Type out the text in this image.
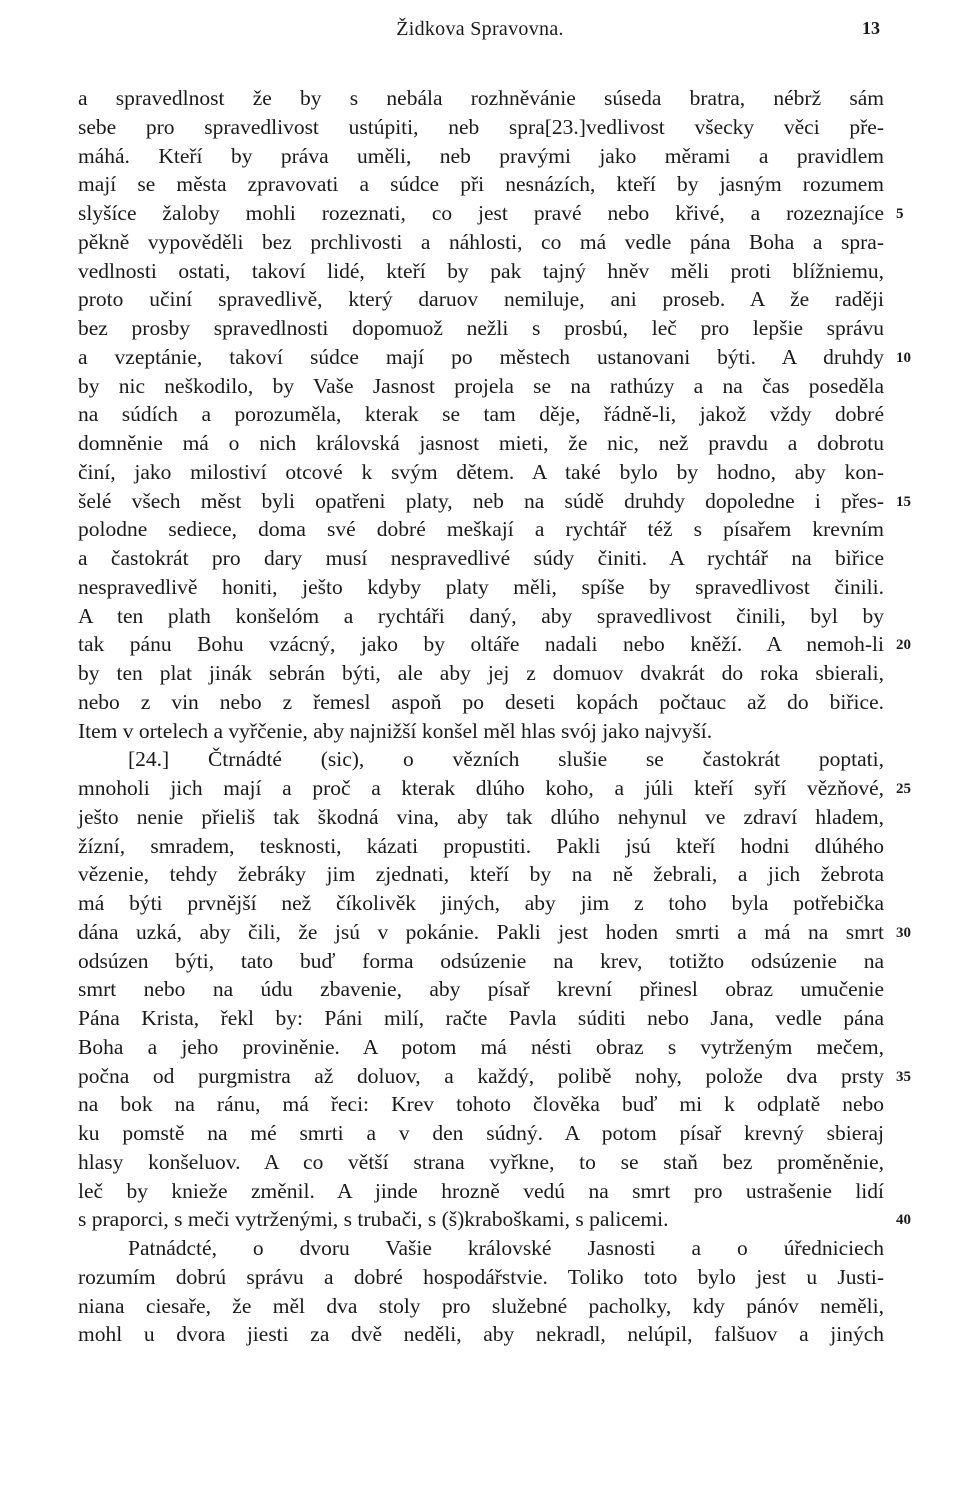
Židkova Spravovna.	13
a spravedlnost že by s nebála rozhněvánie súseda bratra, nébrž sám
sebe pro spravedlivost ustúpiti, neb spra[23.]vedlivost všecky věci pře-
máhá. Kteří by práva uměli, neb pravými jako měrami a pravidlem
mají se města zpravovati a súdce při nesnázích, kteří by jasným rozumem
slyšíce žaloby mohli rozeznati, co jest pravé nebo křivé, a rozeznajíce 5
pěkně vypověděli bez prchlivosti a náhlosti, co má vedle pána Boha a spra-
vedlnosti ostati, takoví lidé, kteří by pak tajný hněv měli proti blížniemu,
proto učiní spravedlivě, který daruov nemiluje, ani proseb. A že raději
bez prosby spravedlnosti dopomuož nežli s prosbú, leč pro lepšie správu
a vzeptánie, takoví súdce mají po městech ustanovani býti. A druhdy 10
by nic neškodilo, by Vaše Jasnost projela se na rathúzy a na čas poseděla
na súdích a porozuměla, kterak se tam děje, řádně-li, jakož vždy dobré
domněnie má o nich královská jasnost mieti, že nic, než pravdu a dobrotu
činí, jako milostiví otcové k svým dětem. A také bylo by hodno, aby kon-
šelé všech měst byli opatřeni platy, neb na súdě druhdy dopoledne i přes- 15
polodne sediece, doma své dobré meškají a rychtář též s písařem krevním
a častokrát pro dary musí nespravedlivé súdy činiti. A rychtář na biřice
nespravedlivě honiti, ješto kdyby platy měli, spíše by spravedlivost činili.
A ten plath konšelóm a rychtáři daný, aby spravedlivost činili, byl by
tak pánu Bohu vzácný, jako by oltáře nadali nebo kněží. A nemoh-li 20
by ten plat jinák sebrán býti, ale aby jej z domuov dvakrát do roka sbierali,
nebo z vin nebo z řemesl aspoň po deseti kopách počtauc až do biřice.
Item v ortelech a vyřčenie, aby najnižší konšel měl hlas svój jako najvyší.
[24.] Čtrnádté (sic), o vězních slušie se častokrát poptati,
mnoholi jich mají a proč a kterak dlúho koho, a júli kteří syří vězňové, 25
ješto nenie přieliš tak škodná vina, aby tak dlúho nehynul ve zdraví hladem,
žízní, smradem, tesknosti, kázati propustiti. Pakli jsú kteří hodni dlúhého
vězenie, tehdy žebráky jim zjednati, kteří by na ně žebrali, a jich žebrota
má býti prvnější než číkolivěk jiných, aby jim z toho byla potřebička
dána uzká, aby čili, že jsú v pokánie. Pakli jest hoden smrti a má na smrt 30
odsúzen býti, tato buď forma odsúzenie na krev, totižto odsúzenie na
smrt nebo na údu zbavenie, aby písař krevní přinesl obraz umučenie
Pána Krista, řekl by: Páni milí, račte Pavla súditi nebo Jana, vedle pána
Boha a jeho proviněnie. A potom má nésti obraz s vytrženým mečem,
počna od purgmistra až doluov, a každý, polibě nohy, polože dva prsty 35
na bok na ránu, má řeci: Krev tohoto člověka buď mi k odplatě nebo
ku pomstě na mé smrti a v den súdný. A potom písař krevný sbieraj
hlasy konšeluov. A co větší strana vyřkne, to se staň bez proměněnie,
leč by knieže změnil. A jinde hrozně vedú na smrt pro ustrašenie lidí
s praporci, s meči vytrženými, s trubači, s (š)kraboškami, s palicemi.	40
Patnádcté, o dvoru Vašie královské Jasnosti a o úředniciech
rozumím dobrú správu a dobré hospodářstvie. Toliko toto bylo jest u Justi-
niana ciesaře, že měl dva stoly pro služebné pacholky, kdy pánóv neměli,
mohl u dvora jiesti za dvě neděli, aby nekradl, nelúpil, falšuov a jiných
